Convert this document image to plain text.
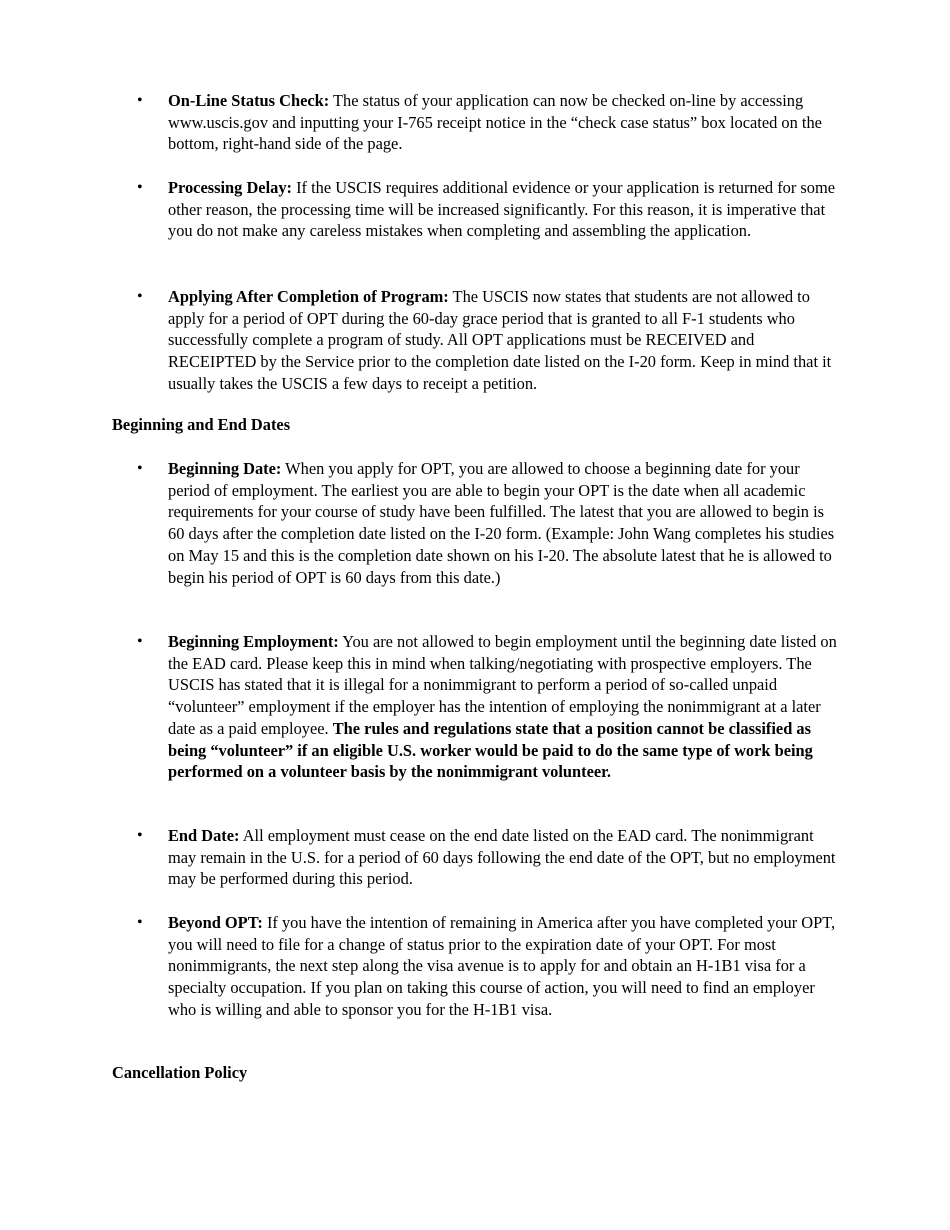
•	On-Line Status Check: The status of your application can now be checked on-line by accessing www.uscis.gov and inputting your I-765 receipt notice in the “check case status” box located on the bottom, right-hand side of the page.
•	Processing Delay: If the USCIS requires additional evidence or your application is returned for some other reason, the processing time will be increased significantly. For this reason, it is imperative that you do not make any careless mistakes when completing and assembling the application.
•	Applying After Completion of Program: The USCIS now states that students are not allowed to apply for a period of OPT during the 60-day grace period that is granted to all F-1 students who successfully complete a program of study. All OPT applications must be RECEIVED and RECEIPTED by the Service prior to the completion date listed on the I-20 form. Keep in mind that it usually takes the USCIS a few days to receipt a petition.
Beginning and End Dates
•	Beginning Date: When you apply for OPT, you are allowed to choose a beginning date for your period of employment. The earliest you are able to begin your OPT is the date when all academic requirements for your course of study have been fulfilled. The latest that you are allowed to begin is 60 days after the completion date listed on the I-20 form. (Example: John Wang completes his studies on May 15 and this is the completion date shown on his I-20. The absolute latest that he is allowed to begin his period of OPT is 60 days from this date.)
•	Beginning Employment: You are not allowed to begin employment until the beginning date listed on the EAD card. Please keep this in mind when talking/negotiating with prospective employers. The USCIS has stated that it is illegal for a nonimmigrant to perform a period of so-called unpaid “volunteer” employment if the employer has the intention of employing the nonimmigrant at a later date as a paid employee. The rules and regulations state that a position cannot be classified as being “volunteer” if an eligible U.S. worker would be paid to do the same type of work being performed on a volunteer basis by the nonimmigrant volunteer.
•	End Date: All employment must cease on the end date listed on the EAD card. The nonimmigrant may remain in the U.S. for a period of 60 days following the end date of the OPT, but no employment may be performed during this period.
•	Beyond OPT: If you have the intention of remaining in America after you have completed your OPT, you will need to file for a change of status prior to the expiration date of your OPT. For most nonimmigrants, the next step along the visa avenue is to apply for and obtain an H-1B1 visa for a specialty occupation. If you plan on taking this course of action, you will need to find an employer who is willing and able to sponsor you for the H-1B1 visa.
Cancellation Policy
